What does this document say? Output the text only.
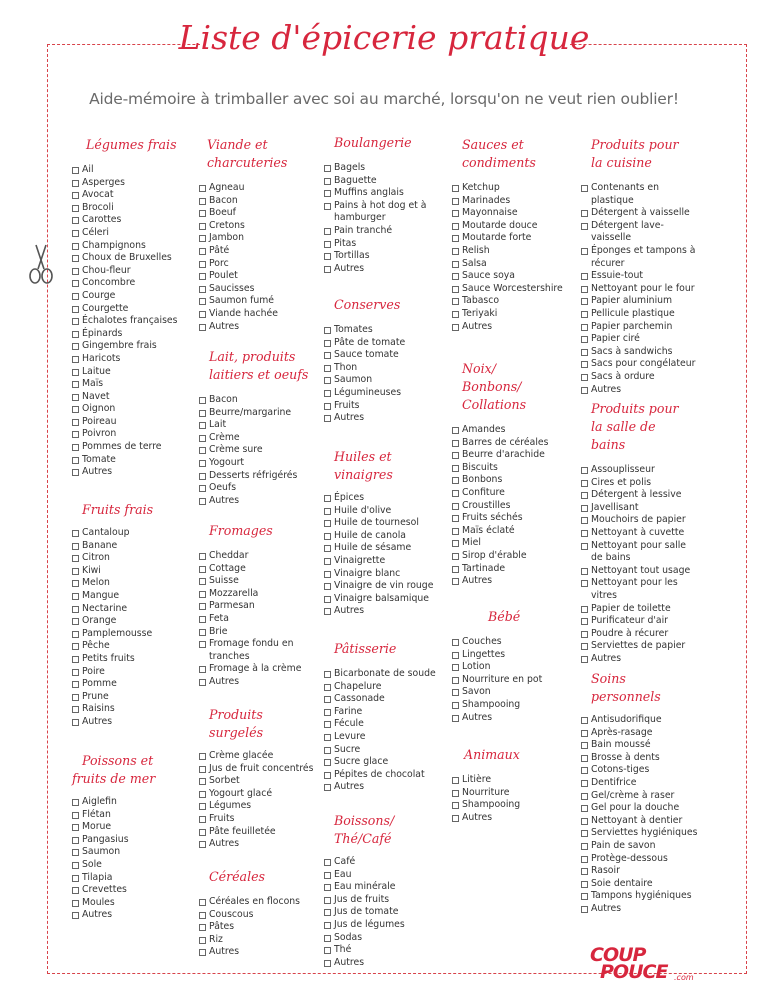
Liste d'épicerie pratique
Aide-mémoire à trimballer avec soi au marché, lorsqu'on ne veut rien oublier!
Légumes frais
Ail
Asperges
Avocat
Brocoli
Carottes
Céleri
Champignons
Choux de Bruxelles
Chou-fleur
Concombre
Courge
Courgette
Échalotes françaises
Épinards
Gingembre frais
Haricots
Laitue
Maïs
Navet
Oignon
Poireau
Poivron
Pommes de terre
Tomate
Autres
Fruits frais
Cantaloup
Banane
Citron
Kiwi
Melon
Mangue
Nectarine
Orange
Pamplemousse
Pêche
Petits fruits
Poire
Pomme
Prune
Raisins
Autres
Poissons et
fruits de mer
Aiglefin
Flétan
Morue
Pangasius
Saumon
Sole
Tilapia
Crevettes
Moules
Autres
Viande et
charcuteries
Agneau
Bacon
Boeuf
Cretons
Jambon
Pâté
Porc
Poulet
Saucisses
Saumon fumé
Viande hachée
Autres
Lait, produits
laitiers et oeufs
Bacon
Beurre/margarine
Lait
Crème
Crème sure
Yogourt
Desserts réfrigérés
Oeufs
Autres
Fromages
Cheddar
Cottage
Suisse
Mozzarella
Parmesan
Feta
Brie
Fromage fondu en tranches
Fromage à la crème
Autres
Produits
surgelés
Crème glacée
Jus de fruit concentrés
Sorbet
Yogourt glacé
Légumes
Fruits
Pâte feuilletée
Autres
Céréales
Céréales en flocons
Couscous
Pâtes
Riz
Autres
Boulangerie
Bagels
Baguette
Muffins anglais
Pains à hot dog et à hamburger
Pain tranché
Pitas
Tortillas
Autres
Conserves
Tomates
Pâte de tomate
Sauce tomate
Thon
Saumon
Légumineuses
Fruits
Autres
Huiles et
vinaigres
Épices
Huile d'olive
Huile de tournesol
Huile de canola
Huile de sésame
Vinaigrette
Vinaigre blanc
Vinaigre de vin rouge
Vinaigre balsamique
Autres
Pâtisserie
Bicarbonate de soude
Chapelure
Cassonade
Farine
Fécule
Levure
Sucre
Sucre glace
Pépites de chocolat
Autres
Boissons/
Thé/Café
Café
Eau
Eau minérale
Jus de fruits
Jus de tomate
Jus de légumes
Sodas
Thé
Autres
Sauces et
condiments
Ketchup
Marinades
Mayonnaise
Moutarde douce
Moutarde forte
Relish
Salsa
Sauce soya
Sauce Worcestershire
Tabasco
Teriyaki
Autres
Noix/
Bonbons/
Collations
Amandes
Barres de céréales
Beurre d'arachide
Biscuits
Bonbons
Confiture
Croustilles
Fruits séchés
Maïs éclaté
Miel
Sirop d'érable
Tartinade
Autres
Bébé
Couches
Lingettes
Lotion
Nourriture en pot
Savon
Shampooing
Autres
Animaux
Litière
Nourriture
Shampooing
Autres
Produits pour
la cuisine
Contenants en plastique
Détergent à vaisselle
Détergent lave-vaisselle
Éponges et tampons à récurer
Essuie-tout
Nettoyant pour le four
Papier aluminium
Pellicule plastique
Papier parchemin
Papier ciré
Sacs à sandwichs
Sacs pour congélateur
Sacs à ordure
Autres
Produits pour
la salle de
bains
Assouplisseur
Cires et polis
Détergent à lessive
Javellisant
Mouchoirs de papier
Nettoyant à cuvette
Nettoyant pour salle de bains
Nettoyant tout usage
Nettoyant pour les vitres
Papier de toilette
Purificateur d'air
Poudre à récurer
Serviettes de papier
Autres
Soins
personnels
Antisudorifique
Après-rasage
Bain moussé
Brosse à dents
Cotons-tiges
Dentifrice
Gel/crème à raser
Gel pour la douche
Nettoyant à dentier
Serviettes hygiéniques
Pain de savon
Protège-dessous
Rasoir
Soie dentaire
Tampons hygiéniques
Autres
COUP
POUCE .com
